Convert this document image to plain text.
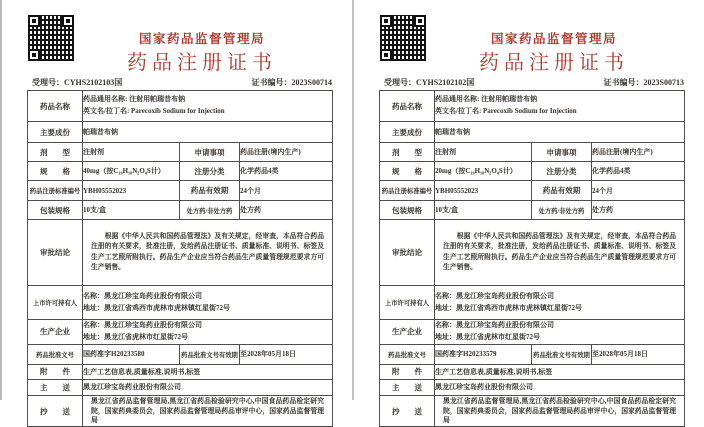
国家药品监督管理局
药品注册证书
受理号：CYHS2102103国	证书编号：2023S00714
药品名称	药品通用名称: 注射用帕瑞昔布钠
英文名/拉丁名: Parecoxib Sodium for Injection		

主要成份	帕瑞昔布钠		
剂　　型	注射剂	申请事项	药品注册(境内生产)
规　　格	40mg（按C₁₉H₁₈N₂O₄S计）	注册分类	化学药品4类
药品注册标准编号	YBH05552023	药品有效期	24个月
包装规格	10支/盒	处方药/非处方药	处方药
审批结论	根据《中华人民共和国药品管理法》及有关规定，经审查，本品符合药品注册的有关要求，批准注册，发给药品注册证书、质量标准、说明书、标签及生产工艺照所附执行。药品生产企业应当符合药品生产质量管理规范要求方可生产销售。		

上市许可持有人	名称：黑龙江珍宝岛药业股份有限公司
地址：黑龙江省鸡西市虎林市虎林镇红星街72号		

生产企业	名称：黑龙江珍宝岛药业股份有限公司
地址：黑龙江省虎林市红星街72号		

药品批准文号	国药准字H20233580	药品批准文号有效期	至2028年05月18日
附　　件	生产工艺信息表,质量标准,说明书,标签		
主　　送	黑龙江珍宝岛药业股份有限公司		
抄　　送	黑龙江省药品监督管理局,黑龙江省药品检验研究中心,中国食品药品检定研究院，国家药典委员会，国家药品监督管理局药品审评中心，国家药品监督管理局		

国家药品监督管理局
药品注册证书
受理号：CYHS2102102国	证书编号：2023S00713
药品名称	药品通用名称: 注射用帕瑞昔布钠
英文名/拉丁名: Parecoxib Sodium for Injection		

主要成份	帕瑞昔布钠		
剂　　型	注射剂	申请事项	药品注册(境内生产)
规　　格	20mg（按C₁₉H₁₈N₂O₄S计）	注册分类	化学药品4类
药品注册标准编号	YBH05552023	药品有效期	24个月
包装规格	10支/盒	处方药/非处方药	处方药
审批结论	根据《中华人民共和国药品管理法》及有关规定，经审查，本品符合药品注册的有关要求，批准注册，发给药品注册证书、质量标准、说明书、标签及生产工艺照所附执行。药品生产企业应当符合药品生产质量管理规范要求方可生产销售。		

上市许可持有人	名称：黑龙江珍宝岛药业股份有限公司
地址：黑龙江省鸡西市虎林市虎林镇红星街72号		

生产企业	名称：黑龙江珍宝岛药业股份有限公司
地址：黑龙江省虎林市红星街72号		

药品批准文号	国药准字H20233579	药品批准文号有效期	至2028年05月18日
附　　件	生产工艺信息表,质量标准,说明书,标签		
主　　送	黑龙江珍宝岛药业股份有限公司		
抄　　送	黑龙江省药品监督管理局,黑龙江省药品检验研究中心,中国食品药品检定研究院，国家药典委员会，国家药品监督管理局药品审评中心，国家药品监督管理局		
